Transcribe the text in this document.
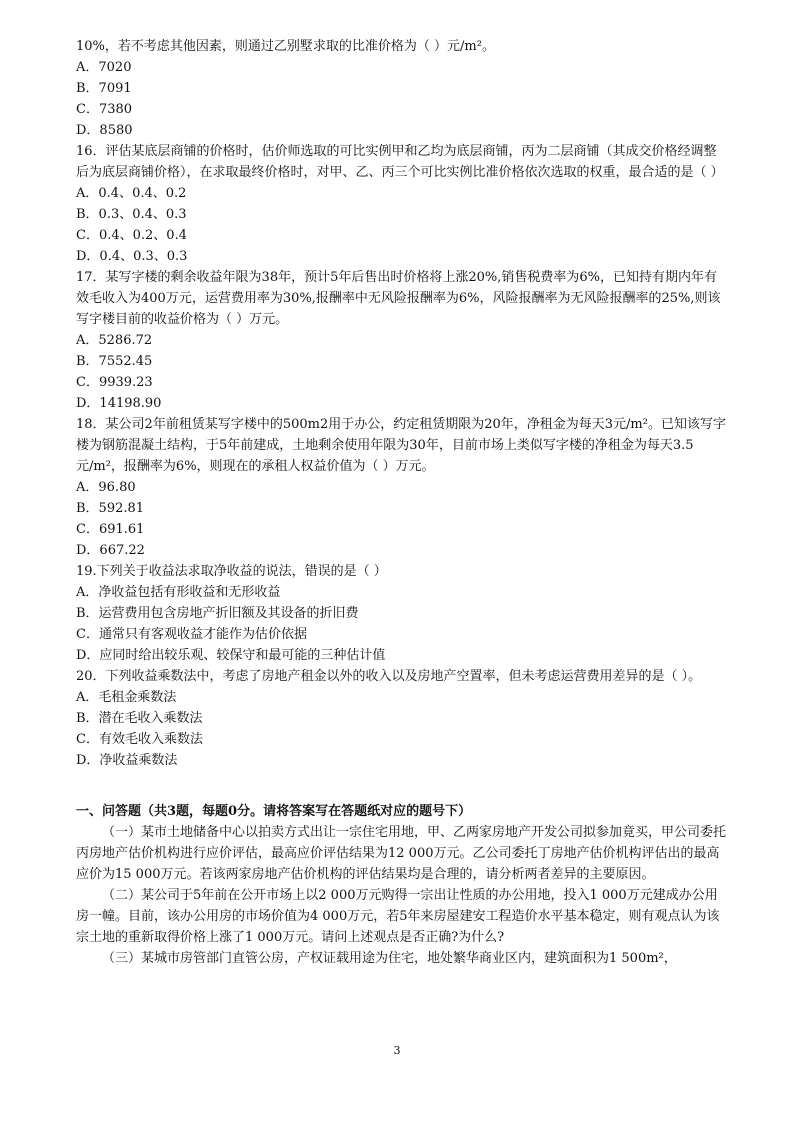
10%，若不考虑其他因素，则通过乙别墅求取的比准价格为（ ）元/m²。
A．7020
B．7091
C．7380
D．8580
16．评估某底层商铺的价格时，估价师选取的可比实例甲和乙均为底层商铺，丙为二层商铺（其成交价格经调整后为底层商铺价格），在求取最终价格时，对甲、乙、丙三个可比实例比准价格依次选取的权重，最合适的是（ ）
A．0.4、0.4、0.2
B．0.3、0.4、0.3
C．0.4、0.2、0.4
D．0.4、0.3、0.3
17．某写字楼的剩余收益年限为38年，预计5年后售出时价格将上涨20%,销售税费率为6%，已知持有期内年有效毛收入为400万元，运营费用率为30%,报酬率中无风险报酬率为6%，风险报酬率为无风险报酬率的25%,则该写字楼目前的收益价格为（ ）万元。
A．5286.72
B．7552.45
C．9939.23
D．14198.90
18．某公司2年前租赁某写字楼中的500m2用于办公，约定租赁期限为20年，净租金为每天3元/m²。已知该写字楼为钢筋混凝土结构，于5年前建成，土地剩余使用年限为30年，目前市场上类似写字楼的净租金为每天3.5元/m²，报酬率为6%，则现在的承租人权益价值为（ ）万元。
A．96.80
B．592.81
C．691.61
D．667.22
19.下列关于收益法求取净收益的说法，错误的是（ ）
A．净收益包括有形收益和无形收益
B．运营费用包含房地产折旧额及其设备的折旧费
C．通常只有客观收益才能作为估价依据
D．应同时给出较乐观、较保守和最可能的三种估计值
20．下列收益乘数法中，考虑了房地产租金以外的收入以及房地产空置率，但未考虑运营费用差异的是（ ）。
A．毛租金乘数法
B．潜在毛收入乘数法
C．有效毛收入乘数法
D．净收益乘数法
一、问答题（共3题，每题0分。请将答案写在答题纸对应的题号下）
（一）某市土地储备中心以拍卖方式出让一宗住宅用地，甲、乙两家房地产开发公司拟参加竟买，甲公司委托丙房地产估价机构进行应价评估，最高应价评估结果为12 000万元。乙公司委托丁房地产估价机构评估出的最高应价为15 000万元。若该两家房地产估价机构的评估结果均是合理的，请分析两者差异的主要原因。
（二）某公司于5年前在公开市场上以2 000万元购得一宗出让性质的办公用地，投入1 000万元建成办公用房一幢。目前，该办公用房的市场价值为4 000万元，若5年来房屋建安工程造价水平基本稳定，则有观点认为该宗土地的重新取得价格上涨了1 000万元。请问上述观点是否正确?为什么?
（三）某城市房管部门直管公房，产权证载用途为住宅，地处繁华商业区内，建筑面积为1 500m²，
3
